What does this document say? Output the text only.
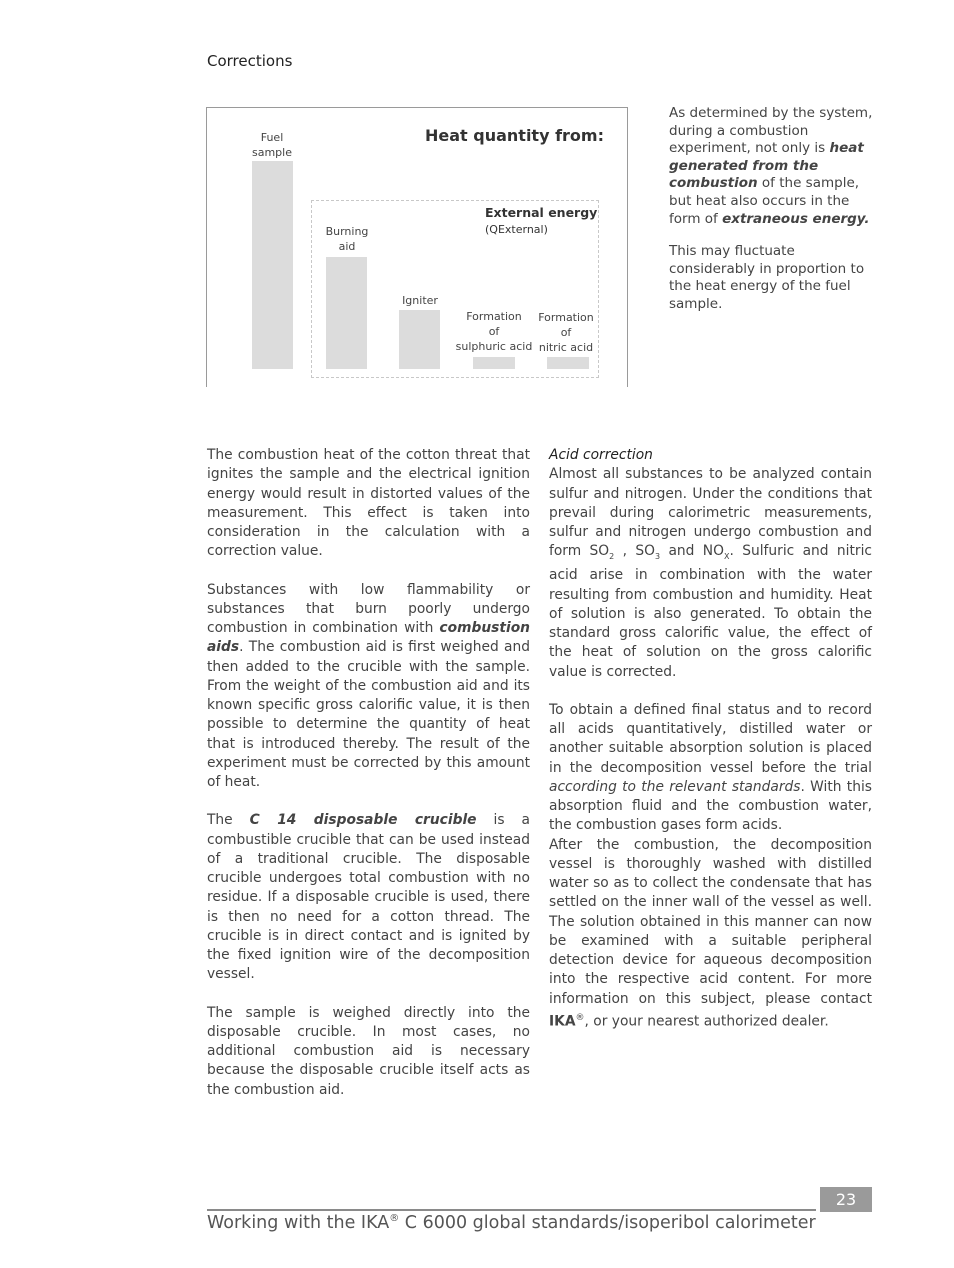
Corrections
Heat quantity from:
External energy
(QExternal)
Fuel
sample
Burning
aid
Igniter
Formation
of
sulphuric acid
Formation
of
nitric acid

As determined by the system, during a combustion experiment, not only is heat generated from the combustion of the sample, but heat also occurs in the form of extraneous energy.

This may fluctuate considerably in proportion to the heat energy of the fuel sample.

The combustion heat of the cotton threat that ignites the sample and the electrical ignition energy would result in distorted values of the measurement. This effect is taken into consideration in the calculation with a correction value.

Substances with low flammability or substances that burn poorly undergo combustion in combination with combustion aids. The combustion aid is first weighed and then added to the crucible with the sample. From the weight of the combustion aid and its known specific gross calorific value, it is then possible to determine the quantity of heat that is introduced thereby. The result of the experiment must be corrected by this amount of heat.

The C 14 disposable crucible is a combustible crucible that can be used instead of a traditional crucible. The disposable crucible undergoes total combustion with no residue. If a disposable crucible is used, there is then no need for a cotton thread. The crucible is in direct contact and is ignited by the fixed ignition wire of the decomposition vessel.

The sample is weighed directly into the disposable crucible. In most cases, no additional combustion aid is necessary because the disposable crucible itself acts as the combustion aid.

Acid correction

Almost all substances to be analyzed contain sulfur and nitrogen. Under the conditions that prevail during calorimetric measurements, sulfur and nitrogen undergo combustion and form $SO_2$ , $SO_3$ and $NO_X$. Sulfuric and nitric acid arise in combination with the water resulting from combustion and humidity. Heat of solution is also generated. To obtain the standard gross calorific value, the effect of the heat of solution on the gross calorific value is corrected.

To obtain a defined final status and to record all acids quantitatively, distilled water or another suitable absorption solution is placed in the decomposition vessel before the trial according to the relevant standards. With this absorption fluid and the combustion water, the combustion gases form acids.

After the combustion, the decomposition vessel is thoroughly washed with distilled water so as to collect the condensate that has settled on the inner wall of the vessel as well. The solution obtained in this manner can now be examined with a suitable peripheral detection device for aqueous decomposition into the respective acid content. For more information on this subject, please contact IKA®, or your nearest authorized dealer.

23
Working with the IKA® C 6000 global standards/isoperibol calorimeter
